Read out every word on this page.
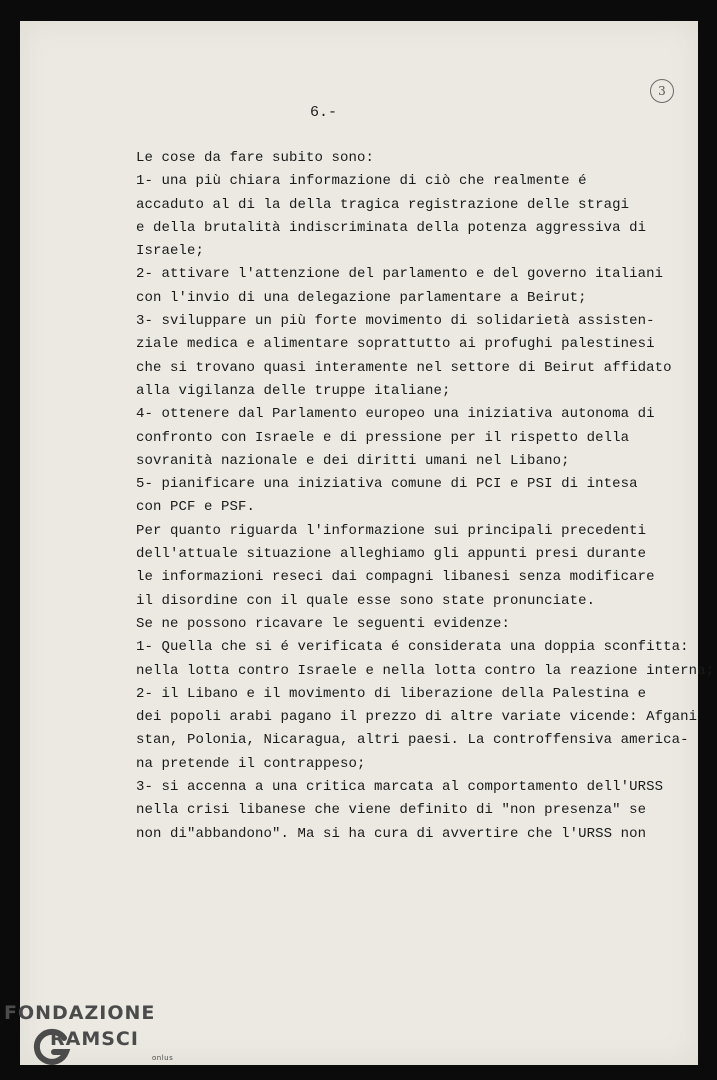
3
6.-
Le cose da fare subito sono:
1- una più chiara informazione di ciò che realmente é
accaduto al di la della tragica registrazione delle stragi
e della brutalità indiscriminata della potenza aggressiva di
Israele;
2- attivare l'attenzione del parlamento e del governo italiani
con l'invio di una delegazione parlamentare a Beirut;
3- sviluppare un più forte movimento di solidarietà assisten-
ziale medica e alimentare soprattutto ai profughi palestinesi
che si trovano quasi interamente nel settore di Beirut affidato
alla vigilanza delle truppe italiane;
4- ottenere dal Parlamento europeo una iniziativa autonoma di
confronto con Israele e di pressione per il rispetto della
sovranità nazionale e dei diritti umani nel Libano;
5- pianificare una iniziativa comune di PCI e PSI di intesa
con PCF e PSF.
Per quanto riguarda l'informazione sui principali precedenti
dell'attuale situazione alleghiamo gli appunti presi durante
le informazioni reseci dai compagni libanesi senza modificare
il disordine con il quale esse sono state pronunciate.
Se ne possono ricavare le seguenti evidenze:
1- Quella che si é verificata é considerata una doppia sconfitta:
nella lotta contro Israele e nella lotta contro la reazione interna;
2- il Libano e il movimento di liberazione della Palestina e
dei popoli arabi pagano il prezzo di altre variate vicende: Afgani
stan, Polonia, Nicaragua, altri paesi. La controffensiva america-
na pretende il contrappeso;
3- si accenna a una critica marcata al comportamento dell'URSS
nella crisi libanese che viene definito di "non presenza" se
non di"abbandono". Ma si ha cura di avvertire che l'URSS non
FONDAZIONE
RAMSCI
onlus
